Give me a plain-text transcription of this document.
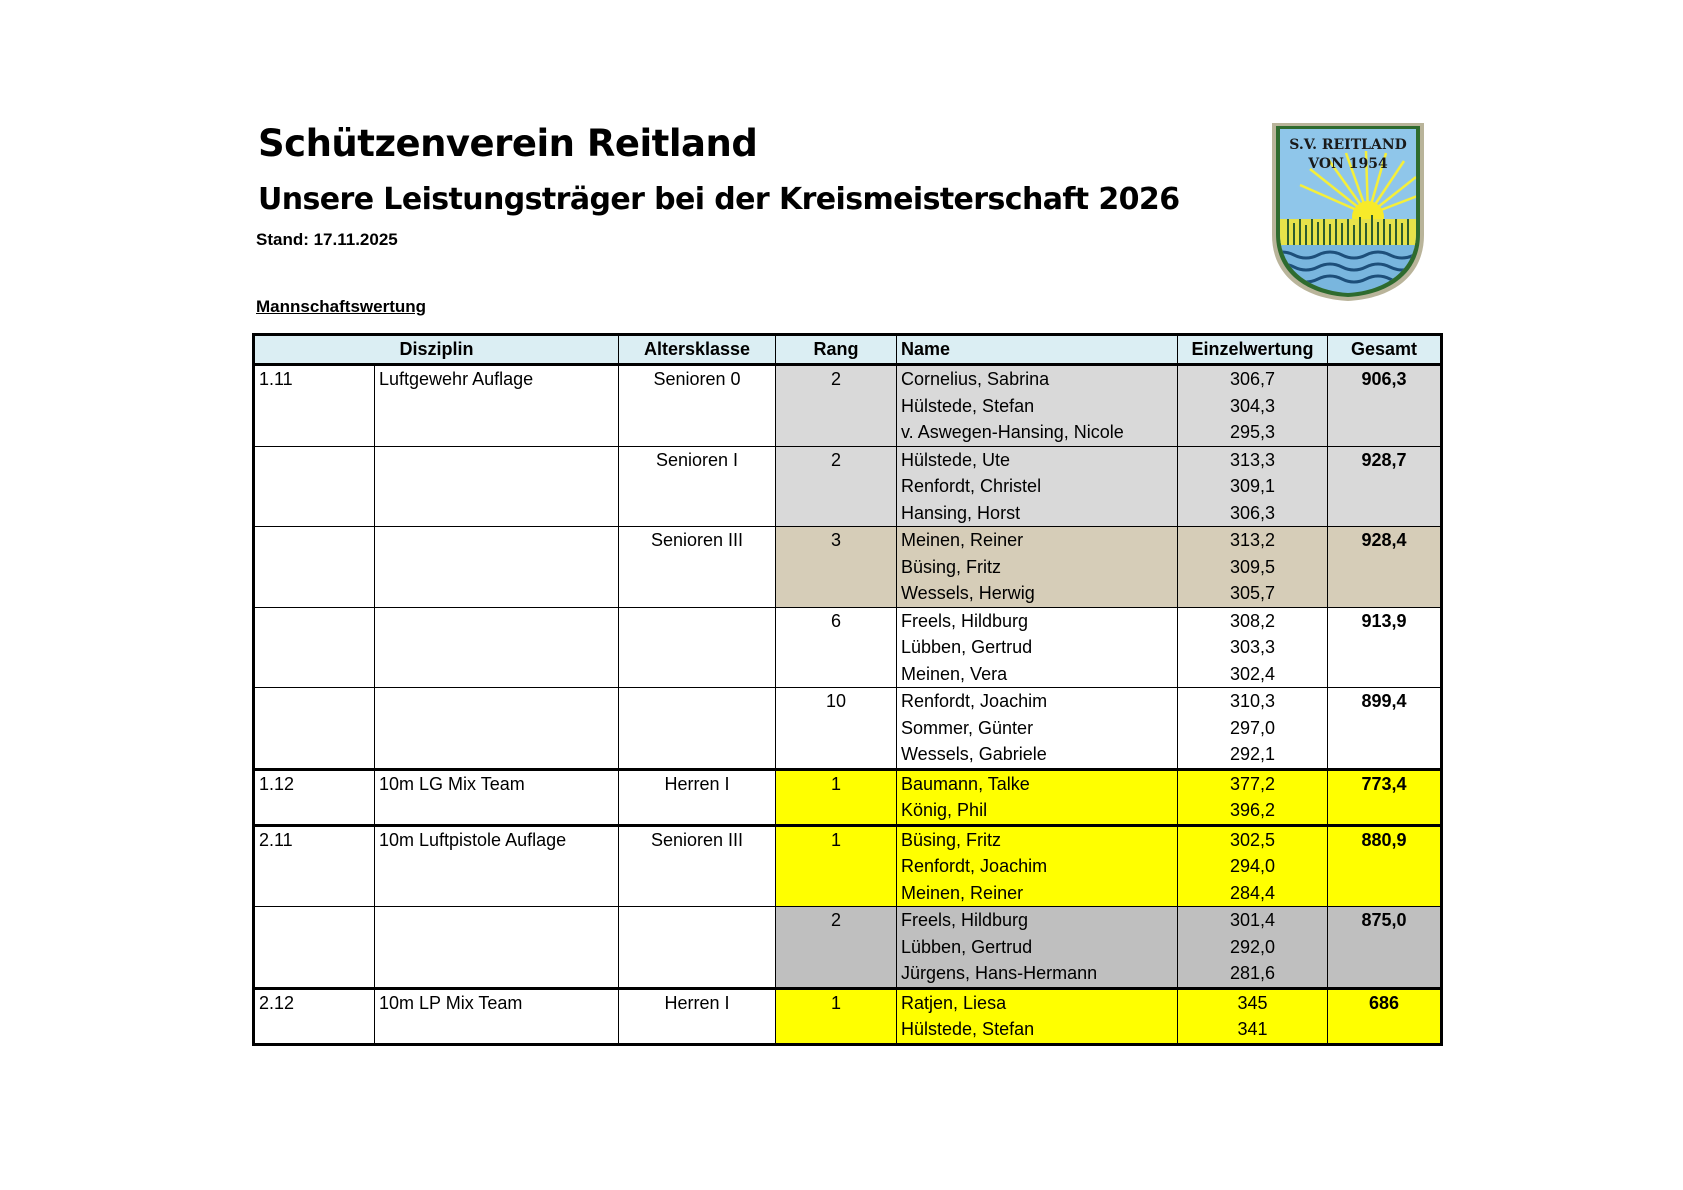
Schützenverein Reitland
Unsere Leistungsträger bei der Kreismeisterschaft 2026
Stand: 17.11.2025
Mannschaftswertung
S.V. REITLAND
VON 1954
Disziplin		Altersklasse	Rang	Name	Einzelwertung	Gesamt
1.11	Luftgewehr Auflage	Senioren 0	2	Cornelius, Sabrina	306,7	906,3
				Hülstede, Stefan	304,3	
				v. Aswegen-Hansing, Nicole	295,3	
		Senioren I	2	Hülstede, Ute	313,3	928,7
				Renfordt, Christel	309,1	
				Hansing, Horst	306,3	
		Senioren III	3	Meinen, Reiner	313,2	928,4
				Büsing, Fritz	309,5	
				Wessels, Herwig	305,7	
			6	Freels, Hildburg	308,2	913,9
				Lübben, Gertrud	303,3	
				Meinen, Vera	302,4	
			10	Renfordt, Joachim	310,3	899,4
				Sommer, Günter	297,0	
				Wessels, Gabriele	292,1	
1.12	10m LG Mix Team	Herren I	1	Baumann, Talke	377,2	773,4
				König, Phil	396,2	
2.11	10m Luftpistole Auflage	Senioren III	1	Büsing, Fritz	302,5	880,9
				Renfordt, Joachim	294,0	
				Meinen, Reiner	284,4	
			2	Freels, Hildburg	301,4	875,0
				Lübben, Gertrud	292,0	
				Jürgens, Hans-Hermann	281,6	
2.12	10m LP Mix Team	Herren I	1	Ratjen, Liesa	345	686
				Hülstede, Stefan	341	
